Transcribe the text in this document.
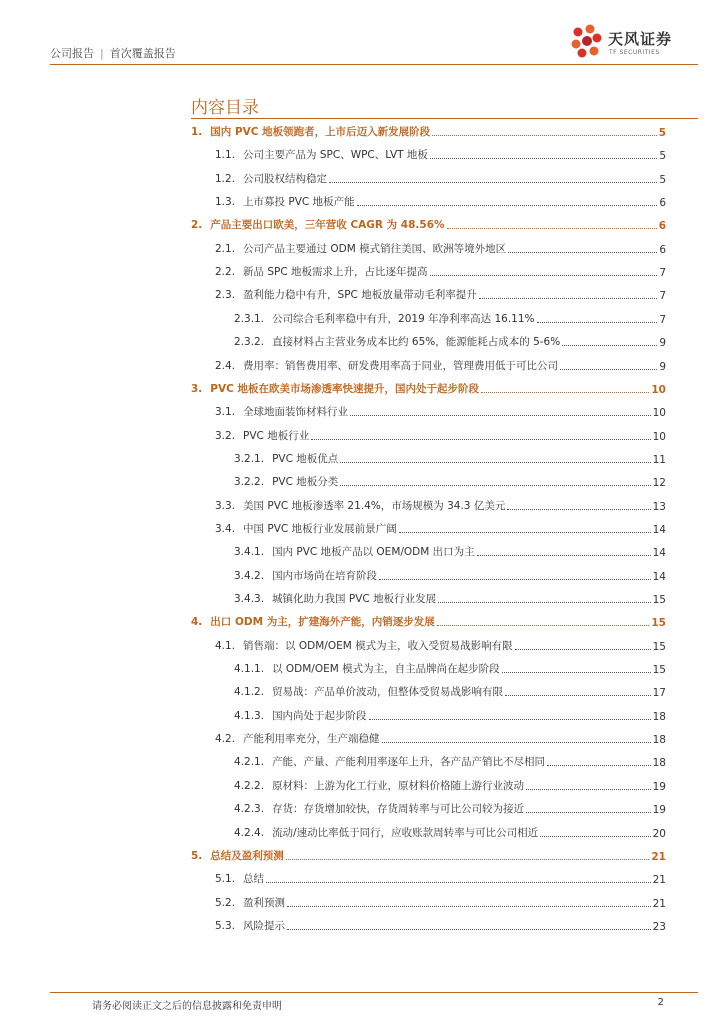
公司报告 | 首次覆盖报告
天风证券
TF SECURITIES
内容目录
1. 国内 PVC 地板领跑者，上市后迈入新发展阶段	5
1.1. 公司主要产品为 SPC、WPC、LVT 地板	5
1.2. 公司股权结构稳定	5
1.3. 上市募投 PVC 地板产能	6
2. 产品主要出口欧美，三年营收 CAGR 为 48.56%	6
2.1. 公司产品主要通过 ODM 模式销往美国、欧洲等境外地区	6
2.2. 新品 SPC 地板需求上升，占比逐年提高	7
2.3. 盈利能力稳中有升，SPC 地板放量带动毛利率提升	7
2.3.1. 公司综合毛利率稳中有升，2019 年净利率高达 16.11%	7
2.3.2. 直接材料占主营业务成本比约 65%，能源能耗占成本的 5-6%	9
2.4. 费用率：销售费用率、研发费用率高于同业，管理费用低于可比公司	9
3. PVC 地板在欧美市场渗透率快速提升，国内处于起步阶段	10
3.1. 全球地面装饰材料行业	10
3.2. PVC 地板行业	10
3.2.1. PVC 地板优点	11
3.2.2. PVC 地板分类	12
3.3. 美国 PVC 地板渗透率 21.4%，市场规模为 34.3 亿美元	13
3.4. 中国 PVC 地板行业发展前景广阔	14
3.4.1. 国内 PVC 地板产品以 OEM/ODM 出口为主	14
3.4.2. 国内市场尚在培育阶段	14
3.4.3. 城镇化助力我国 PVC 地板行业发展	15
4. 出口 ODM 为主，扩建海外产能，内销逐步发展	15
4.1. 销售端：以 ODM/OEM 模式为主，收入受贸易战影响有限	15
4.1.1. 以 ODM/OEM 模式为主，自主品牌尚在起步阶段	15
4.1.2. 贸易战：产品单价波动，但整体受贸易战影响有限	17
4.1.3. 国内尚处于起步阶段	18
4.2. 产能利用率充分，生产端稳健	18
4.2.1. 产能、产量、产能利用率逐年上升，各产品产销比不尽相同	18
4.2.2. 原材料：上游为化工行业，原材料价格随上游行业波动	19
4.2.3. 存货：存货增加较快，存货周转率与可比公司较为接近	19
4.2.4. 流动/速动比率低于同行，应收账款周转率与可比公司相近	20
5. 总结及盈利预测	21
5.1. 总结	21
5.2. 盈利预测	21
5.3. 风险提示	23
请务必阅读正文之后的信息披露和免责申明	2
